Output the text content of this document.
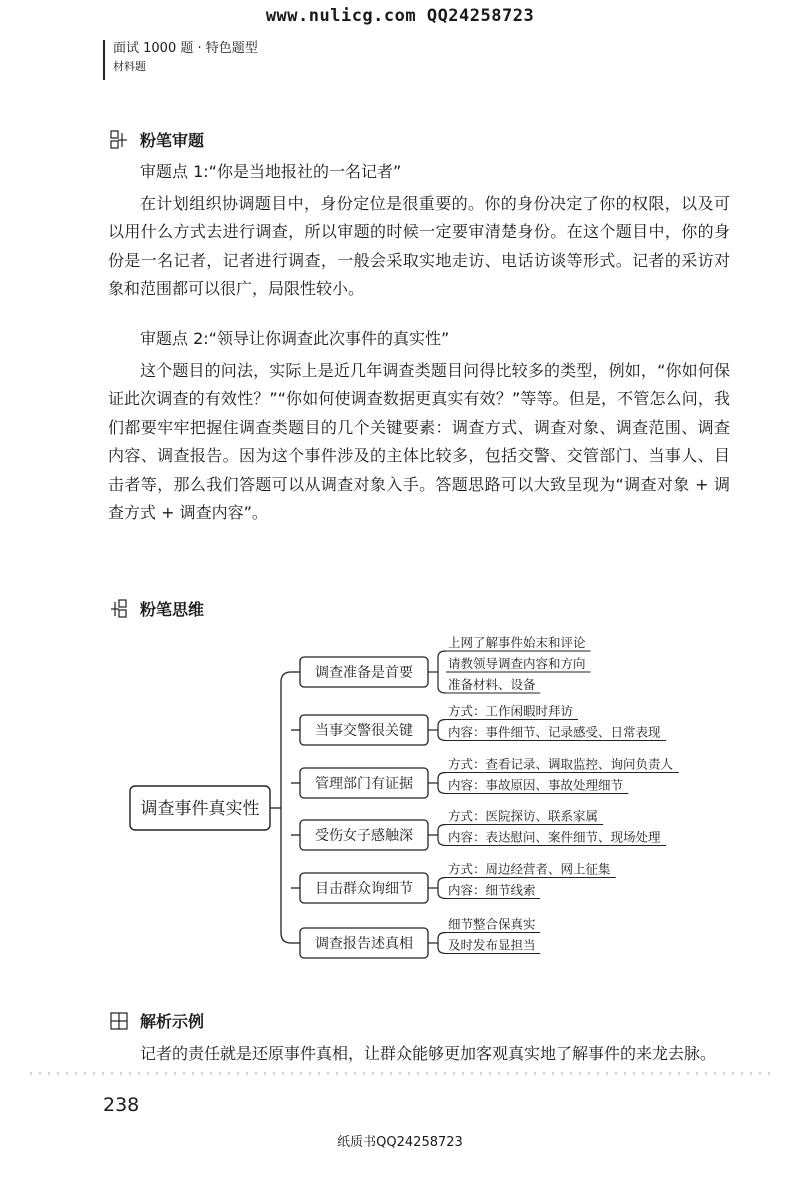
www.nulicg.com QQ24258723
面试 1000 题 · 特色题型
材料题
粉笔审题
审题点 1:“你是当地报社的一名记者”
在计划组织协调题目中，身份定位是很重要的。你的身份决定了你的权限，以及可以用什么方式去进行调查，所以审题的时候一定要审清楚身份。在这个题目中，你的身份是一名记者，记者进行调查，一般会采取实地走访、电话访谈等形式。记者的采访对象和范围都可以很广，局限性较小。
审题点 2:“领导让你调查此次事件的真实性”
这个题目的问法，实际上是近几年调查类题目问得比较多的类型，例如，“你如何保证此次调查的有效性？”“你如何使调查数据更真实有效？”等等。但是，不管怎么问，我们都要牢牢把握住调查类题目的几个关键要素：调查方式、调查对象、调查范围、调查内容、调查报告。因为这个事件涉及的主体比较多，包括交警、交管部门、当事人、目击者等，那么我们答题可以从调查对象入手。答题思路可以大致呈现为“调查对象 + 调查方式 + 调查内容”。
粉笔思维
调查事件真实性
调查准备是首要
上网了解事件始末和评论
请教领导调查内容和方向
准备材料、设备
当事交警很关键
方式：工作闲暇时拜访
内容：事件细节、记录感受、日常表现
管理部门有证据
方式：查看记录、调取监控、询问负责人
内容：事故原因、事故处理细节
受伤女子感触深
方式：医院探访、联系家属
内容：表达慰问、案件细节、现场处理
目击群众询细节
方式：周边经营者、网上征集
内容：细节线索
调查报告述真相
细节整合保真实
及时发布显担当
解析示例
记者的责任就是还原事件真相，让群众能够更加客观真实地了解事件的来龙去脉。
238
纸质书QQ24258723
